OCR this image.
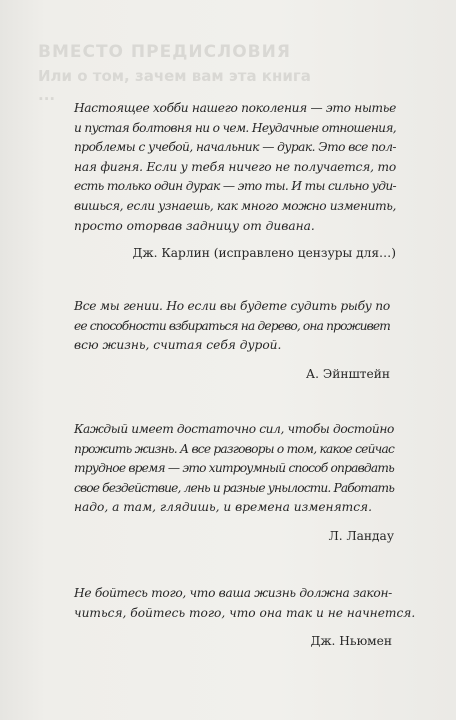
ВМЕСТО ПРЕДИСЛОВИЯ
Или о том, зачем вам эта книга
...

Настоящее хобби нашего поколения — это нытье
и пустая болтовня ни о чем. Неудачные отношения,
проблемы с учебой, начальник — дурак. Это все пол-
ная фигня. Если у тебя ничего не получается, то
есть только один дурак — это ты. И ты сильно уди-
вишься, если узнаешь, как много можно изменить,
просто оторвав задницу от дивана.

Дж. Карлин (исправлено цензуры для…)

Все мы гении. Но если вы будете судить рыбу по
ее способности взбираться на дерево, она проживет
всю жизнь, считая себя дурой.

А. Эйнштейн

Каждый имеет достаточно сил, чтобы достойно
прожить жизнь. А все разговоры о том, какое сейчас
трудное время — это хитроумный способ оправдать
свое бездействие, лень и разные унылости. Работать
надо, а там, глядишь, и времена изменятся.

Л. Ландау

Не бойтесь того, что ваша жизнь должна закон-
читься, бойтесь того, что она так и не начнется.

Дж. Ньюмен
